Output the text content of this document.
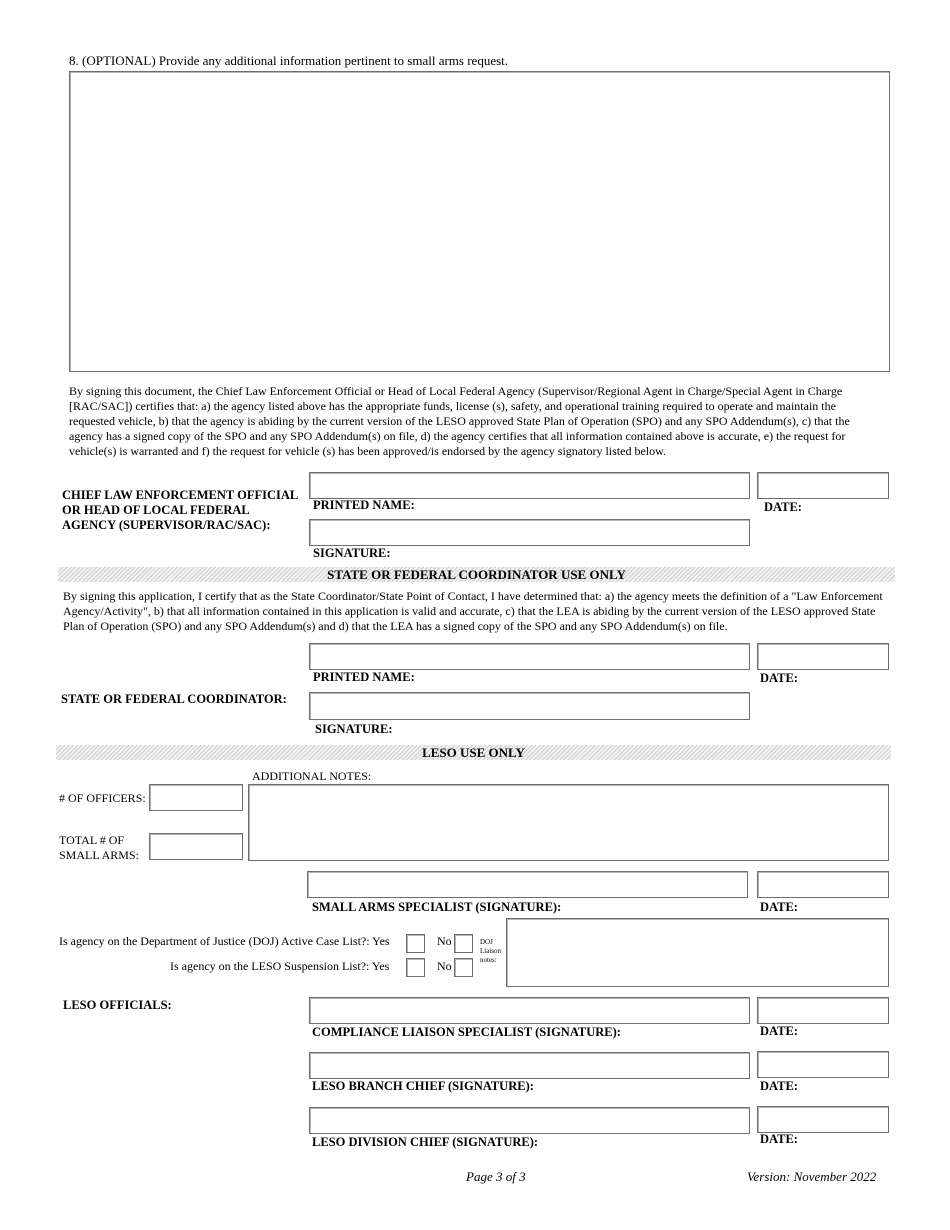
8. (OPTIONAL) Provide any additional information pertinent to small arms request.
By signing this document, the Chief Law Enforcement Official or Head of Local Federal Agency (Supervisor/Regional Agent in Charge/Special Agent in Charge [RAC/SAC]) certifies that: a) the agency listed above has the appropriate funds, license (s), safety, and operational training required to operate and maintain the requested vehicle, b) that the agency is abiding by the current version of the LESO approved State Plan of Operation (SPO) and any SPO Addendum(s), c) that the agency has a signed copy of the SPO and any SPO Addendum(s) on file, d) the agency certifies that all information contained above is accurate, e) the request for vehicle(s) is warranted and f) the request for vehicle (s) has been approved/is endorsed by the agency signatory listed below.
CHIEF LAW ENFORCEMENT OFFICIAL
OR HEAD OF LOCAL FEDERAL
AGENCY (SUPERVISOR/RAC/SAC):
PRINTED NAME:	DATE:
SIGNATURE:
STATE OR FEDERAL COORDINATOR USE ONLY
By signing this application, I certify that as the State Coordinator/State Point of Contact, I have determined that: a) the agency meets the definition of a "Law Enforcement Agency/Activity", b) that all information contained in this application is valid and accurate, c) that the LEA is abiding by the current version of the LESO approved State Plan of Operation (SPO) and any SPO Addendum(s) and d) that the LEA has a signed copy of the SPO and any SPO Addendum(s) on file.
PRINTED NAME:	DATE:
STATE OR FEDERAL COORDINATOR:
SIGNATURE:
LESO USE ONLY
ADDITIONAL NOTES:
# OF OFFICERS:
TOTAL # OF
SMALL ARMS:
SMALL ARMS SPECIALIST (SIGNATURE):	DATE:
Is agency on the Department of Justice (DOJ) Active Case List?: Yes	No
Is agency on the LESO Suspension List?: Yes	No
DOJ
Liaison
notes:
LESO OFFICIALS:
COMPLIANCE LIAISON SPECIALIST (SIGNATURE):	DATE:
LESO BRANCH CHIEF (SIGNATURE):	DATE:
LESO DIVISION CHIEF (SIGNATURE):	DATE:
Page 3 of 3	Version: November 2022
